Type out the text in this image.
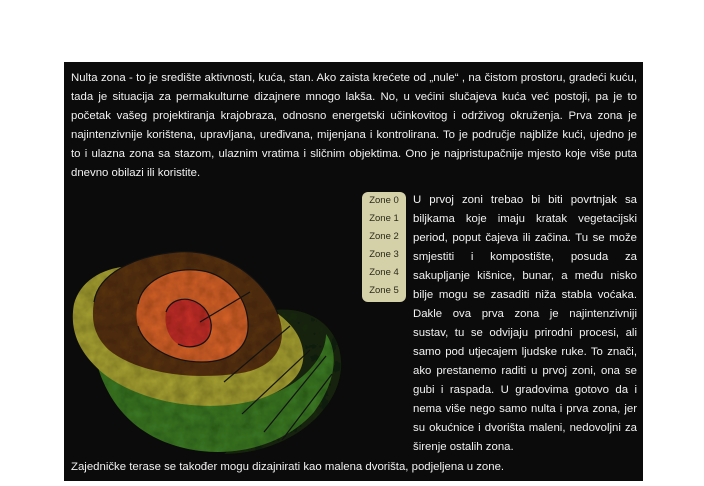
Nulta zona - to je središte aktivnosti, kuća, stan. Ako zaista krećete od „nule“ , na čistom prostoru, gradeći kuću, tada je situacija za permakulturne dizajnere mnogo lakša. No, u većini slučajeva kuća već postoji, pa je to početak vašeg projektiranja krajobraza, odnosno energetski učinkovitog i održivog okruženja. Prva zona je najintenzivnije korištena, upravljana, uređivana, mijenjana i kontrolirana. To je područje najbliže kući, ujedno je to i ulazna zona sa stazom, ulaznim vratima i sličnim objektima. Ono je najpristupačnije mjesto koje više puta dnevno obilazi ili koristite.
Zone 0
Zone 1
Zone 2
Zone 3
Zone 4
Zone 5
U prvoj zoni trebao bi biti povrtnjak sa biljkama koje imaju kratak vegetacijski period, poput čajeva ili začina. Tu se može smjestiti i kompostište, posuda za sakupljanje kišnice, bunar, a među nisko bilje mogu se zasaditi niža stabla voćaka. Dakle ova prva zona je najintenzivniji sustav, tu se odvijaju prirodni procesi, ali samo pod utjecajem ljudske ruke. To znači, ako prestanemo raditi u prvoj zoni, ona se gubi i raspada. U gradovima gotovo da i nema više nego samo nulta i prva zona, jer su okućnice i dvorišta maleni, nedovoljni za širenje ostalih zona.
Zajedničke terase se također mogu dizajnirati kao malena dvorišta, podjeljena u zone.
